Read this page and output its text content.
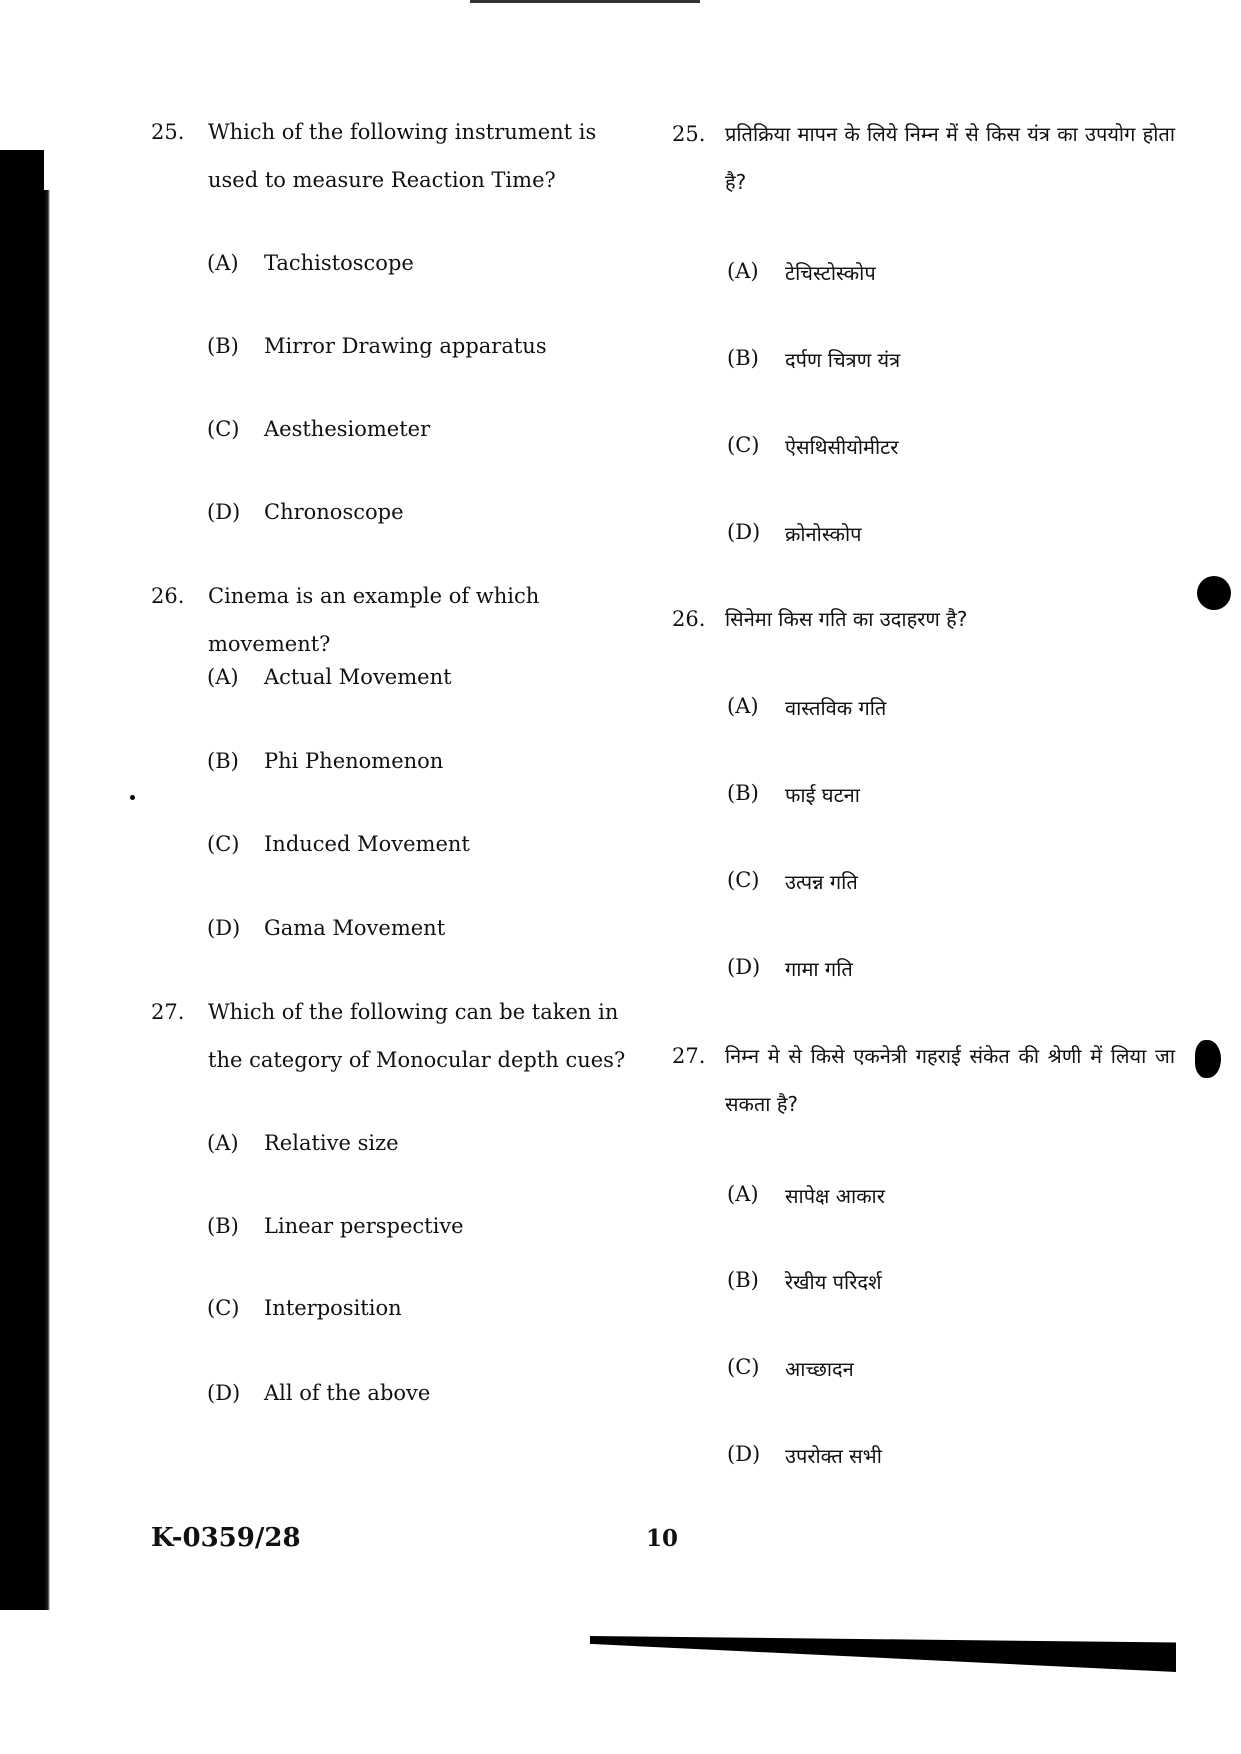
25. Which of the following instrument is used to measure Reaction Time?
(A) Tachistoscope
(B) Mirror Drawing apparatus
(C) Aesthesiometer
(D) Chronoscope
26. Cinema is an example of which movement?
(A) Actual Movement
(B) Phi Phenomenon
(C) Induced Movement
(D) Gama Movement
27. Which of the following can be taken in the category of Monocular depth cues?
(A) Relative size
(B) Linear perspective
(C) Interposition
(D) All of the above
25. प्रतिक्रिया मापन के लिये निम्न में से किस यंत्र का उपयोग होता है?
(A) टेचिस्टोस्कोप
(B) दर्पण चित्रण यंत्र
(C) ऐसथिसीयोमीटर
(D) क्रोनोस्कोप
26. सिनेमा किस गति का उदाहरण है?
(A) वास्तविक गति
(B) फाई घटना
(C) उत्पन्न गति
(D) गामा गति
27. निम्न मे से किसे एकनेत्री गहराई संकेत की श्रेणी में लिया जा सकता है?
(A) सापेक्ष आकार
(B) रेखीय परिदर्श
(C) आच्छादन
(D) उपरोक्त सभी
K-0359/28	10
